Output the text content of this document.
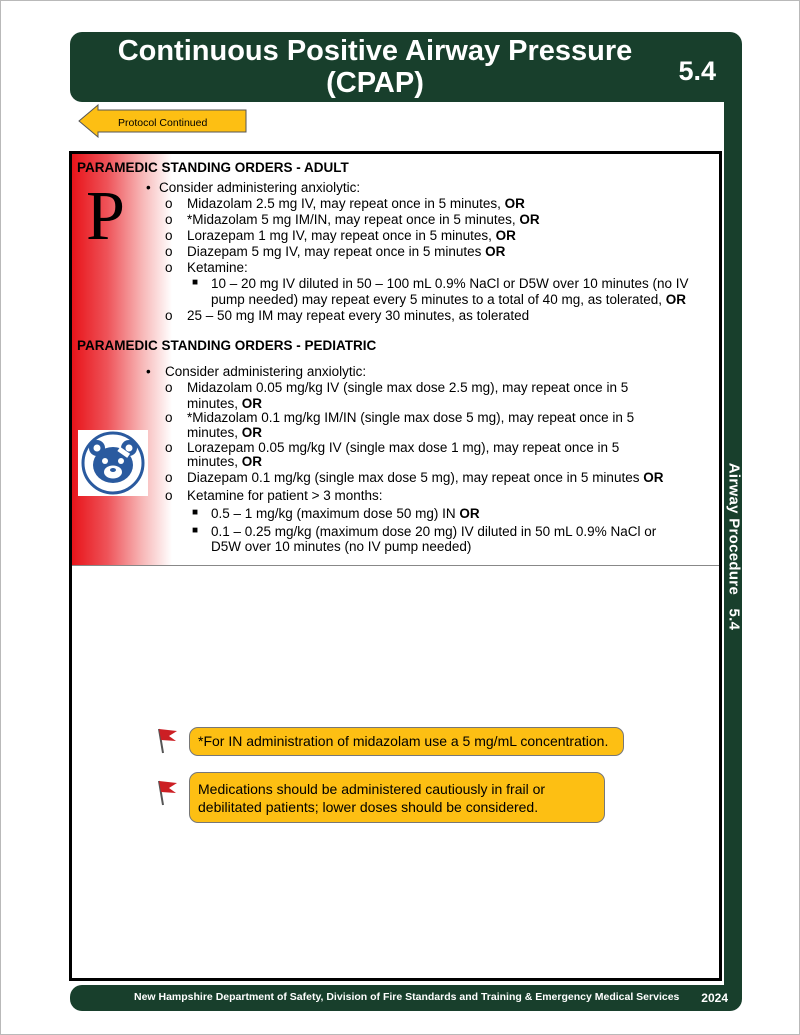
Continuous Positive Airway Pressure
(CPAP)	5.4
Airway Procedure   5.4
Protocol Continued
PARAMEDIC STANDING ORDERS - ADULT
P • Consider administering anxiolytic:
o Midazolam 2.5 mg IV, may repeat once in 5 minutes, OR
o *Midazolam 5 mg IM/IN, may repeat once in 5 minutes, OR
o Lorazepam 1 mg IV, may repeat once in 5 minutes, OR
o Diazepam 5 mg IV, may repeat once in 5 minutes OR
o Ketamine:
■ 10 – 20 mg IV diluted in 50 – 100 mL 0.9% NaCl or D5W over 10 minutes (no IV
pump needed) may repeat every 5 minutes to a total of 40 mg, as tolerated, OR
o 25 – 50 mg IM may repeat every 30 minutes, as tolerated
PARAMEDIC STANDING ORDERS - PEDIATRIC
• Consider administering anxiolytic:
o Midazolam 0.05 mg/kg IV (single max dose 2.5 mg), may repeat once in 5
minutes, OR
o *Midazolam 0.1 mg/kg IM/IN (single max dose 5 mg), may repeat once in 5
minutes, OR
o Lorazepam 0.05 mg/kg IV (single max dose 1 mg), may repeat once in 5
minutes, OR
o Diazepam 0.1 mg/kg (single max dose 5 mg), may repeat once in 5 minutes OR
o Ketamine for patient > 3 months:
■ 0.5 – 1 mg/kg (maximum dose 50 mg) IN OR
■ 0.1 – 0.25 mg/kg (maximum dose 20 mg) IV diluted in 50 mL 0.9% NaCl or
D5W over 10 minutes (no IV pump needed)
*For IN administration of midazolam use a 5 mg/mL concentration.
Medications should be administered cautiously in frail or
debilitated patients; lower doses should be considered.
New Hampshire Department of Safety, Division of Fire Standards and Training & Emergency Medical Services 2024
